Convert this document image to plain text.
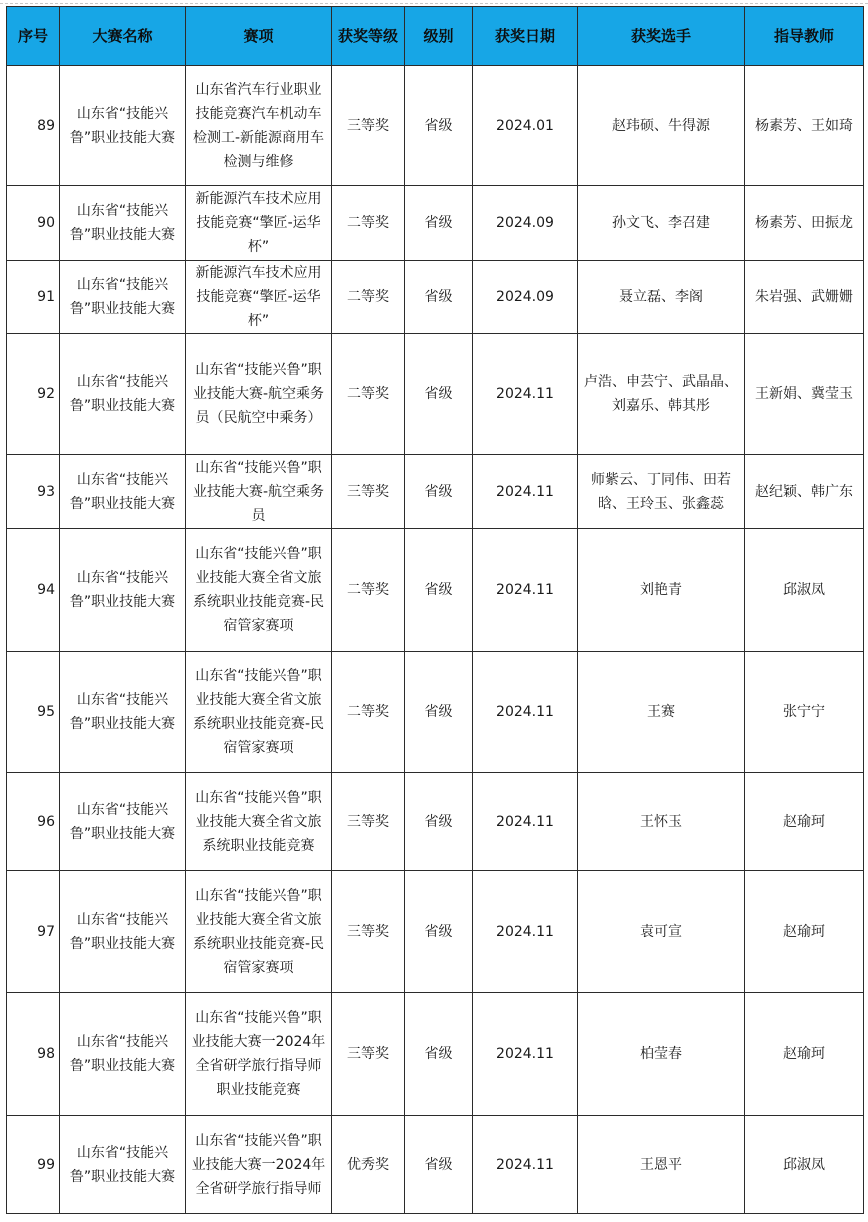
序号	大赛名称	赛项	获奖等级	级别	获奖日期	获奖选手	指导教师
89	山东省“技能兴鲁”职业技能大赛	山东省汽车行业职业技能竞赛汽车机动车检测工-新能源商用车检测与维修	三等奖	省级	2024.01	赵玮硕、牛得源	杨素芳、王如琦
90	山东省“技能兴鲁”职业技能大赛	新能源汽车技术应用技能竞赛“擎匠-运华杯”	二等奖	省级	2024.09	孙文飞、李召建	杨素芳、田振龙
91	山东省“技能兴鲁”职业技能大赛	新能源汽车技术应用技能竞赛“擎匠-运华杯”	二等奖	省级	2024.09	聂立磊、李阁	朱岩强、武姗姗
92	山东省“技能兴鲁”职业技能大赛	山东省“技能兴鲁”职业技能大赛-航空乘务员（民航空中乘务）	二等奖	省级	2024.11	卢浩、申芸宁、武晶晶、刘嘉乐、韩其彤	王新娟、冀莹玉
93	山东省“技能兴鲁”职业技能大赛	山东省“技能兴鲁”职业技能大赛-航空乘务员	三等奖	省级	2024.11	师紫云、丁同伟、田若晗、王玲玉、张鑫蕊	赵纪颖、韩广东
94	山东省“技能兴鲁”职业技能大赛	山东省“技能兴鲁”职业技能大赛全省文旅系统职业技能竞赛-民宿管家赛项	二等奖	省级	2024.11	刘艳青	邱淑凤
95	山东省“技能兴鲁”职业技能大赛	山东省“技能兴鲁”职业技能大赛全省文旅系统职业技能竞赛-民宿管家赛项	二等奖	省级	2024.11	王赛	张宁宁
96	山东省“技能兴鲁”职业技能大赛	山东省“技能兴鲁”职业技能大赛全省文旅系统职业技能竞赛	三等奖	省级	2024.11	王怀玉	赵瑜珂
97	山东省“技能兴鲁”职业技能大赛	山东省“技能兴鲁”职业技能大赛全省文旅系统职业技能竞赛-民宿管家赛项	三等奖	省级	2024.11	袁可宣	赵瑜珂
98	山东省“技能兴鲁”职业技能大赛	山东省“技能兴鲁”职业技能大赛一2024年全省研学旅行指导师职业技能竞赛	三等奖	省级	2024.11	柏莹春	赵瑜珂
99	山东省“技能兴鲁”职业技能大赛	山东省“技能兴鲁”职业技能大赛一2024年全省研学旅行指导师	优秀奖	省级	2024.11	王恩平	邱淑凤
